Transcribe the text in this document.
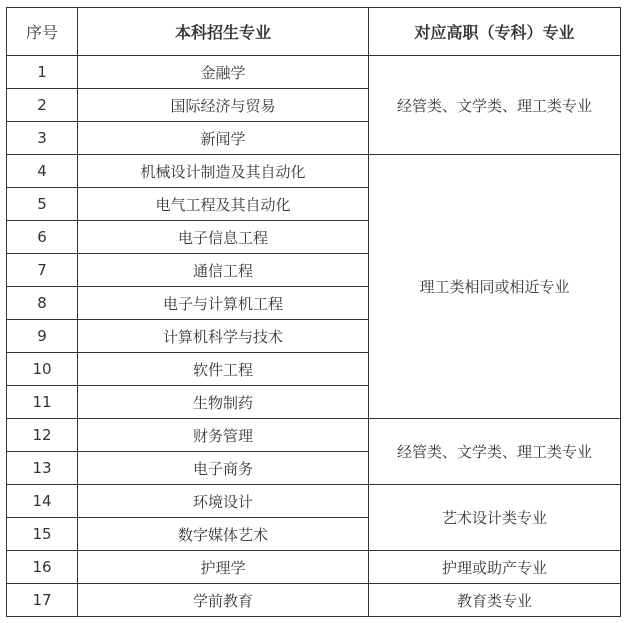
序号	本科招生专业	对应高职（专科）专业
1	金融学	经管类、文学类、理工类专业
2	国际经济与贸易	
3	新闻学	
4	机械设计制造及其自动化	理工类相同或相近专业
5	电气工程及其自动化	
6	电子信息工程	
7	通信工程	
8	电子与计算机工程	
9	计算机科学与技术	
10	软件工程	
11	生物制药	
12	财务管理	经管类、文学类、理工类专业
13	电子商务	
14	环境设计	艺术设计类专业
15	数字媒体艺术	
16	护理学	护理或助产专业
17	学前教育	教育类专业
